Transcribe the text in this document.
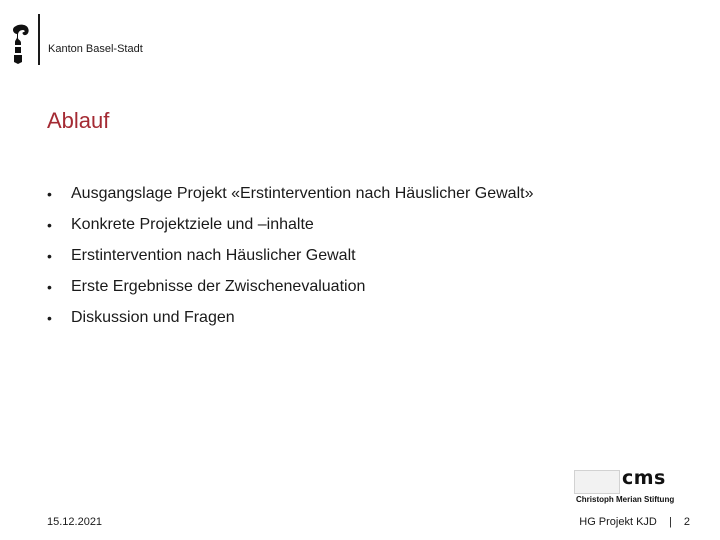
Kanton Basel-Stadt
Ablauf
• Ausgangslage Projekt «Erstintervention nach Häuslicher Gewalt»
• Konkrete Projektziele und –inhalte
• Erstintervention nach Häuslicher Gewalt
• Erste Ergebnisse der Zwischenevaluation
• Diskussion und Fragen
cms
Christoph Merian Stiftung
15.12.2021	HG Projekt KJD | 2
